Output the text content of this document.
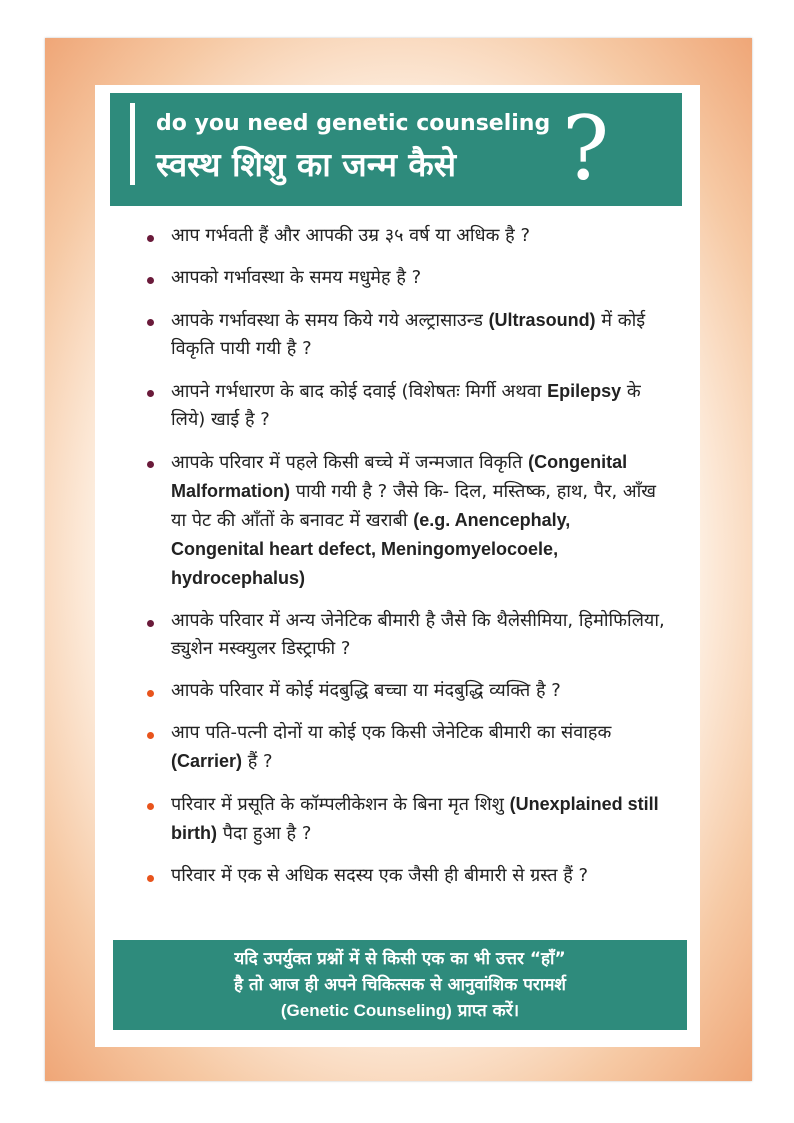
do you need genetic counseling
स्वस्थ शिशु का जन्म कैसे ?
आप गर्भवती हैं और आपकी उम्र ३५ वर्ष या अधिक है ?
आपको गर्भावस्था के समय मधुमेह है ?
आपके गर्भावस्था के समय किये गये अल्ट्रासाउन्ड (Ultrasound) में कोई विकृति पायी गयी है ?
आपने गर्भधारण के बाद कोई दवाई (विशेषतः मिर्गी अथवा Epilepsy के लिये) खाई है ?
आपके परिवार में पहले किसी बच्चे में जन्मजात विकृति (Congenital Malformation) पायी गयी है ? जैसे कि- दिल, मस्तिष्क, हाथ, पैर, आँख या पेट की आँतों के बनावट में खराबी (e.g. Anencephaly, Congenital heart defect, Meningomyelocoele, hydrocephalus)
आपके परिवार में अन्य जेनेटिक बीमारी है जैसे कि थैलेसीमिया, हिमोफिलिया, ड्युशेन मस्क्युलर डिस्ट्राफी ?
आपके परिवार में कोई मंदबुद्धि बच्चा या मंदबुद्धि व्यक्ति है ?
आप पति-पत्नी दोनों या कोई एक किसी जेनेटिक बीमारी का संवाहक (Carrier) हैं ?
परिवार में प्रसूति के कॉम्पलीकेशन के बिना मृत शिशु (Unexplained still birth) पैदा हुआ है ?
परिवार में एक से अधिक सदस्य एक जैसी ही बीमारी से ग्रस्त हैं ?
यदि उपर्युक्त प्रश्नों में से किसी एक का भी उत्तर “हाँ”
है तो आज ही अपने चिकित्सक से आनुवांशिक परामर्श
(Genetic Counseling) प्राप्त करें।
